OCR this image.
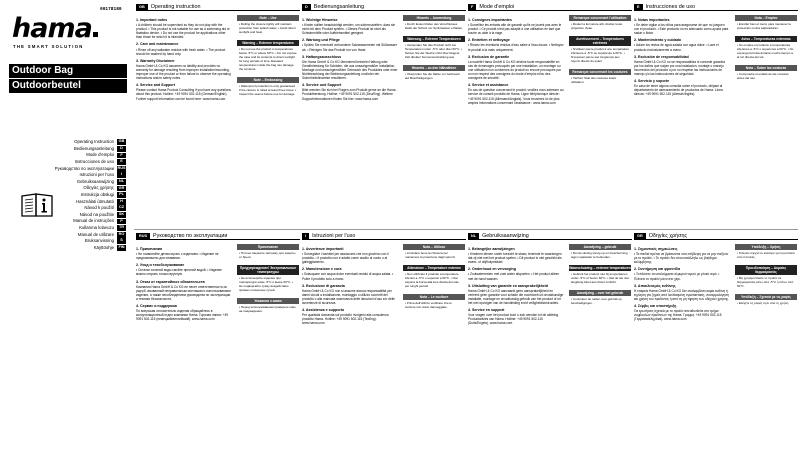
00178180
hama
THE SMART SOLUTION
Outdoor Bag
Outdoorbeutel
Operating Instruction	GB
Bedienungsanleitung	D
Mode d'emploi	F
Instrucciones de uso	E
Руководство по эксплуатации RUS
Istruzioni per l'uso	I
Gebruiksaanwijzing	NL
Οδηγίες χρήσης	GR
Instrukcja obsługi	PL
Használati útmutató	H
Návod k použití	CZ
Návod na použitie	SK
Manual de instruções	P
Kullanma kılavuzu	TR
Manual de utilizare	RO
Bruksanvisning	S
Käyttöohje	FIN
GB	Operating instruction
1. Important notes
• A children should be supervised so they do not play with the product. • This product is not suitable for use as a swimming aid or floatation device. • Do not use the product for applications other than those for which it is intended.
2. Care and maintenance
• Rinse off any saltwater residue with fresh water. • The product should be washed by hand only.
3. Warranty Disclaimer
Hama GmbH & Co KG assumes no liability and provides no warranty for damage resulting from improper installation/mounting, improper use of the product or from failure to observe the operating instructions and/or safety notes.
4. Service and Support
Please contact Hama Product Consulting if you have any questions about this product. Hotline: +49 9091 502-115 (German/English). Further support information can be found here: www.hama.com
Note – Use
• Rolling the closure tightly will maintain protection from splash water. • Avoid direct sunlight and heat.
Warning – Extreme temperatures
• Do not use the product in temperatures below -5°C or above 60°C. • Do not expose the case and its contents to direct sunlight for long periods of time. Elevated temperatures inside the bag can damage the contents.
Note – Embossing
• Waterproof protection is only guaranteed if the closure is rolled at least three times. • Inspect the seams before use for damage.
D	Bedienungsanleitung
1. Wichtige Hinweise
• Kinder sollten beaufsichtigt werden, um sicherzustellen, dass sie nicht mit dem Produkt spielen. • Dieses Produkt ist nicht als Schwimmhilfe oder Auftriebsmittel geeignet.
2. Wartung und Pflege
• Spülen Sie eventuell vorhandene Salzwasserreste mit Süßwasser ab. • Reinigen Sie das Produkt nur von Hand.
3. Haftungsausschluss
Die Hama GmbH & Co KG übernimmt keinerlei Haftung oder Gewährleistung für Schäden, die aus unsachgemäßer Installation, Montage und unsachgemäßem Gebrauch des Produktes oder einer Nichtbeachtung der Bedienungsanleitung und/oder der Sicherheitshinweise resultieren.
4. Service und Support
Bitte wenden Sie sich bei Fragen zum Produkt gerne an die Hama-Produktberatung. Hotline: +49 9091 502-115 (Deu/Eng). Weitere Supportinformationen finden Sie hier: www.hama.com
Hinweis – Anwendung
• Durch festes Rollen des Verschlusses bleibt der Schutz vor Spritzwasser erhalten.
Warnung – Extreme Temperaturen
• Verwenden Sie das Produkt nicht bei Temperaturen unter -5°C oder über 60°C. • Setzen Sie die Tasche nicht über längere Zeit direkter Sonneneinstrahlung aus.
Hinweis – zu den Nähnähten
• Überprüfen Sie die Nähte vor Gebrauch auf Beschädigungen.
F	Mode d'emploi
1. Consignes importantes
• Surveillez les enfants afin de garantir qu'ils ne jouent pas avec le produit. • Ce produit n'est pas adapté à une utilisation en tant que bouée ou aide à la nage.
2. Entretien et nettoyage
• Rincez les éventuels résidus d'eau salée à l'eau douce. • Nettoyez le produit à la main uniquement.
3. Exclusion de garantie
La société Hama GmbH & Co KG décline toute responsabilité en cas de dommages provoqués par une installation, un montage ou une utilisation non conformes du produit ou encore provoqués par un non respect des consignes du mode d'emploi et/ou des consignes de sécurité.
4. Service et assistance
En cas de question concernant le produit, veuillez vous adresser au service de conseil produits de Hama. Ligne téléphonique directe : +49 9091 502-115 (Allemand/Anglais). Vous trouverez ici de plus amples informations concernant l'assistance : www.hama.com
Remarque concernant l'utilisation
• Rouler la fermeture afin d'éviter toute projection d'eau.
Avertissement – Températures extrêmes
• N'utilisez pas le produit à une température inférieure à -5°C ou supérieure à 60°C. • N'exposez pas le sac longtemps aux rayons directs du soleil.
Remarque concernant les coutures
• Vérifiez l'état des coutures avant utilisation.
E	Instrucciones de uso
1. Notas importantes
• Se debe vigilar a los niños para asegurarse de que no jueguen con el producto. • Este producto no es adecuado como ayuda para nadar o flotar.
2. Mantenimiento y cuidado
• Aclare los restos de agua salada con agua dulce. • Lave el producto exclusivamente a mano.
3. Exclusión de responsabilidad
Hama GmbH & Co KG no se responsabiliza ni concede garantía por los daños que surjan por una instalación, montaje o manejo incorrectos del producto o por no respetar las instrucciones de manejo y/o las instrucciones de seguridad.
4. Servicio y soporte
En caso de tener alguna consulta sobre el producto, diríjase al departamento de asesoramiento de productos de Hama. Línea directa: +49 9091 502-115 (Alemán/Inglés).
Nota – Empleo
• Enrollar bien el cierre para mantener la protección contra salpicaduras.
Aviso – Temperaturas extremas
• No emplee el producto a temperaturas inferiores a -5°C o superiores a 60°C. • No exponga la bolsa durante mucho tiempo a la luz directa del sol.
Nota – Sobre las costuras
• Compruebe el estado de las costuras antes del uso.
RUS	Руководство по эксплуатации
1. Примечания
• Не позволяйте детям играть с изделием. • Изделие не предназначено для плавания.
2. Уход и техобслуживание
• Остатки соленой воды смойте пресной водой. • Изделие можно стирать только вручную.
3. Отказ от гарантийных обязательств
Компания Hama GmbH & Co KG не несет ответственности за ущерб, вызванный неправильным монтажом и использованием изделия, а также несоблюдением руководства по эксплуатации и техники безопасности.
4. Сервис и поддержка
По вопросам относительно изделия обращайтесь в консультационный отдел компании Hama. Горячая линия: +49 9091 502-115 (немецкий/английский). www.hama.com
Примечание
• Плотно сверните застежку для защиты от брызг.
Предупреждение! Экстремальные температуры
• Не используйте изделие при температуре ниже -5°C и выше 60°C. • Не подвергайте сумку воздействию прямых солнечных лучей.
Указания к швам
• Перед использованием проверьте швы на повреждения.
I	Istruzioni per l'uso
1. Avvertenze importanti
• Sorvegliare i bambini per assicurarsi che non giochino con il prodotto. • Il prodotto non è adatto come ausilio al nuoto o al galleggiamento.
2. Manutenzione e cura
• Sciacquare con acqua dolce eventuali residui di acqua salata. • Pulire il prodotto solo a mano.
3. Esclusione di garanzia
Hama GmbH & Co KG non si assume alcuna responsabilità per danni dovuti a installazione, montaggio o utilizzo scorretti del prodotto o alla mancata osservanza delle istruzioni d'uso e/o delle avvertenze di sicurezza.
4. Assistenza e supporto
Per qualsiasi domanda sul prodotto rivolgersi alla consulenza prodotto Hama. Hotline: +49 9091 502-115 (Ted/Ing). www.hama.com
Nota – Utilizzo
• Arrotolare bene la chiusura per mantenere la protezione dagli spruzzi.
Attenzione – Temperature estreme
• Non utilizzare il prodotto a temperature inferiori a -5°C o superiori a 60°C. • Non esporre la borsa alla luce diretta del sole per lunghi periodi.
Nota – Le cuciture
• Prima dell'utilizzo verificare che le cuciture non siano danneggiate.
NL	Gebruiksaanwijzing
1. Belangrijke aanwijzingen
• Kinderen dienen onder toezicht te staan, teneinde te waarborgen dat zij niet met het product spelen. • Dit product is niet geschikt als zwem- of drijfhulpmiddel.
2. Onderhoud en verzorging
• Zoutwaterresten met zoet water afspoelen. • Het product alleen met de hand wassen.
3. Uitsluiting van garantie en aansprakelijkheid
Hama GmbH & Co KG aanvaardt geen aansprakelijkheid en verleent geen garantie voor schade die voortvloeit uit onvakkundige installatie, montage en onvakkundig gebruik van het product of uit het niet opvolgen van de handleiding en/of veiligheidsinstructies.
4. Service en support
Voor vragen over het product kunt u zich wenden tot de afdeling Productadvies van Hama. Hotline: +49 9091 502-115 (Duits/Engels). www.hama.com
Aanwijzing – gebruik
• Rol de sluiting stevig op om bescherming tegen spatwater te behouden.
Waarschuwing – extreme temperaturen
• Gebruik het product niet bij temperaturen onder -5°C of boven 60°C. • Stel de tas niet langdurig bloot aan direct zonlicht.
Aanwijzing – over het gebruik
• Controleer de naden voor gebruik op beschadigingen.
GR	Οδηγίες χρήσης
1. Σημαντικές σημειώσεις
• Τα παιδιά πρέπει να βρίσκονται υπό επίβλεψη για να μην παίζουν με το προϊόν. • Το προϊόν δεν είναι κατάλληλο ως βοήθημα κολύμβησης.
2. Συντήρηση και φροντίδα
• Ξεπλύνετε τα υπολείμματα αλμυρού νερού με γλυκό νερό. • Πλένετε το προϊόν μόνο στο χέρι.
3. Αποκλεισμός ευθύνης
Η εταιρεία Hama GmbH & Co KG δεν αναλαμβάνει καμία ευθύνη ή εγγύηση για ζημιές από λανθασμένη εγκατάσταση, συναρμολόγηση και χρήση του προϊόντος ή από τη μη τήρηση των οδηγιών χρήσης.
4. Σέρβις και υποστήριξη
Για ερωτήσεις σχετικά με το προϊόν απευθυνθείτε στο τμήμα συμβουλών προϊόντων της Hama. Γραμμή: +49 9091 502-115 (Γερμανικά/Αγγλικά). www.hama.com
Υπόδειξη – Χρήση
• Τυλίγετε σφιχτά το κλείσιμο για προστασία από πιτσιλιές.
Προειδοποίηση – Ακραίες θερμοκρασίες
• Μη χρησιμοποιείτε το προϊόν σε θερμοκρασίες κάτω από -5°C ή πάνω από 60°C.
Υπόδειξη – Σχετικά με τις ραφές
• Ελέγξτε τις ραφές πριν από τη χρήση.
